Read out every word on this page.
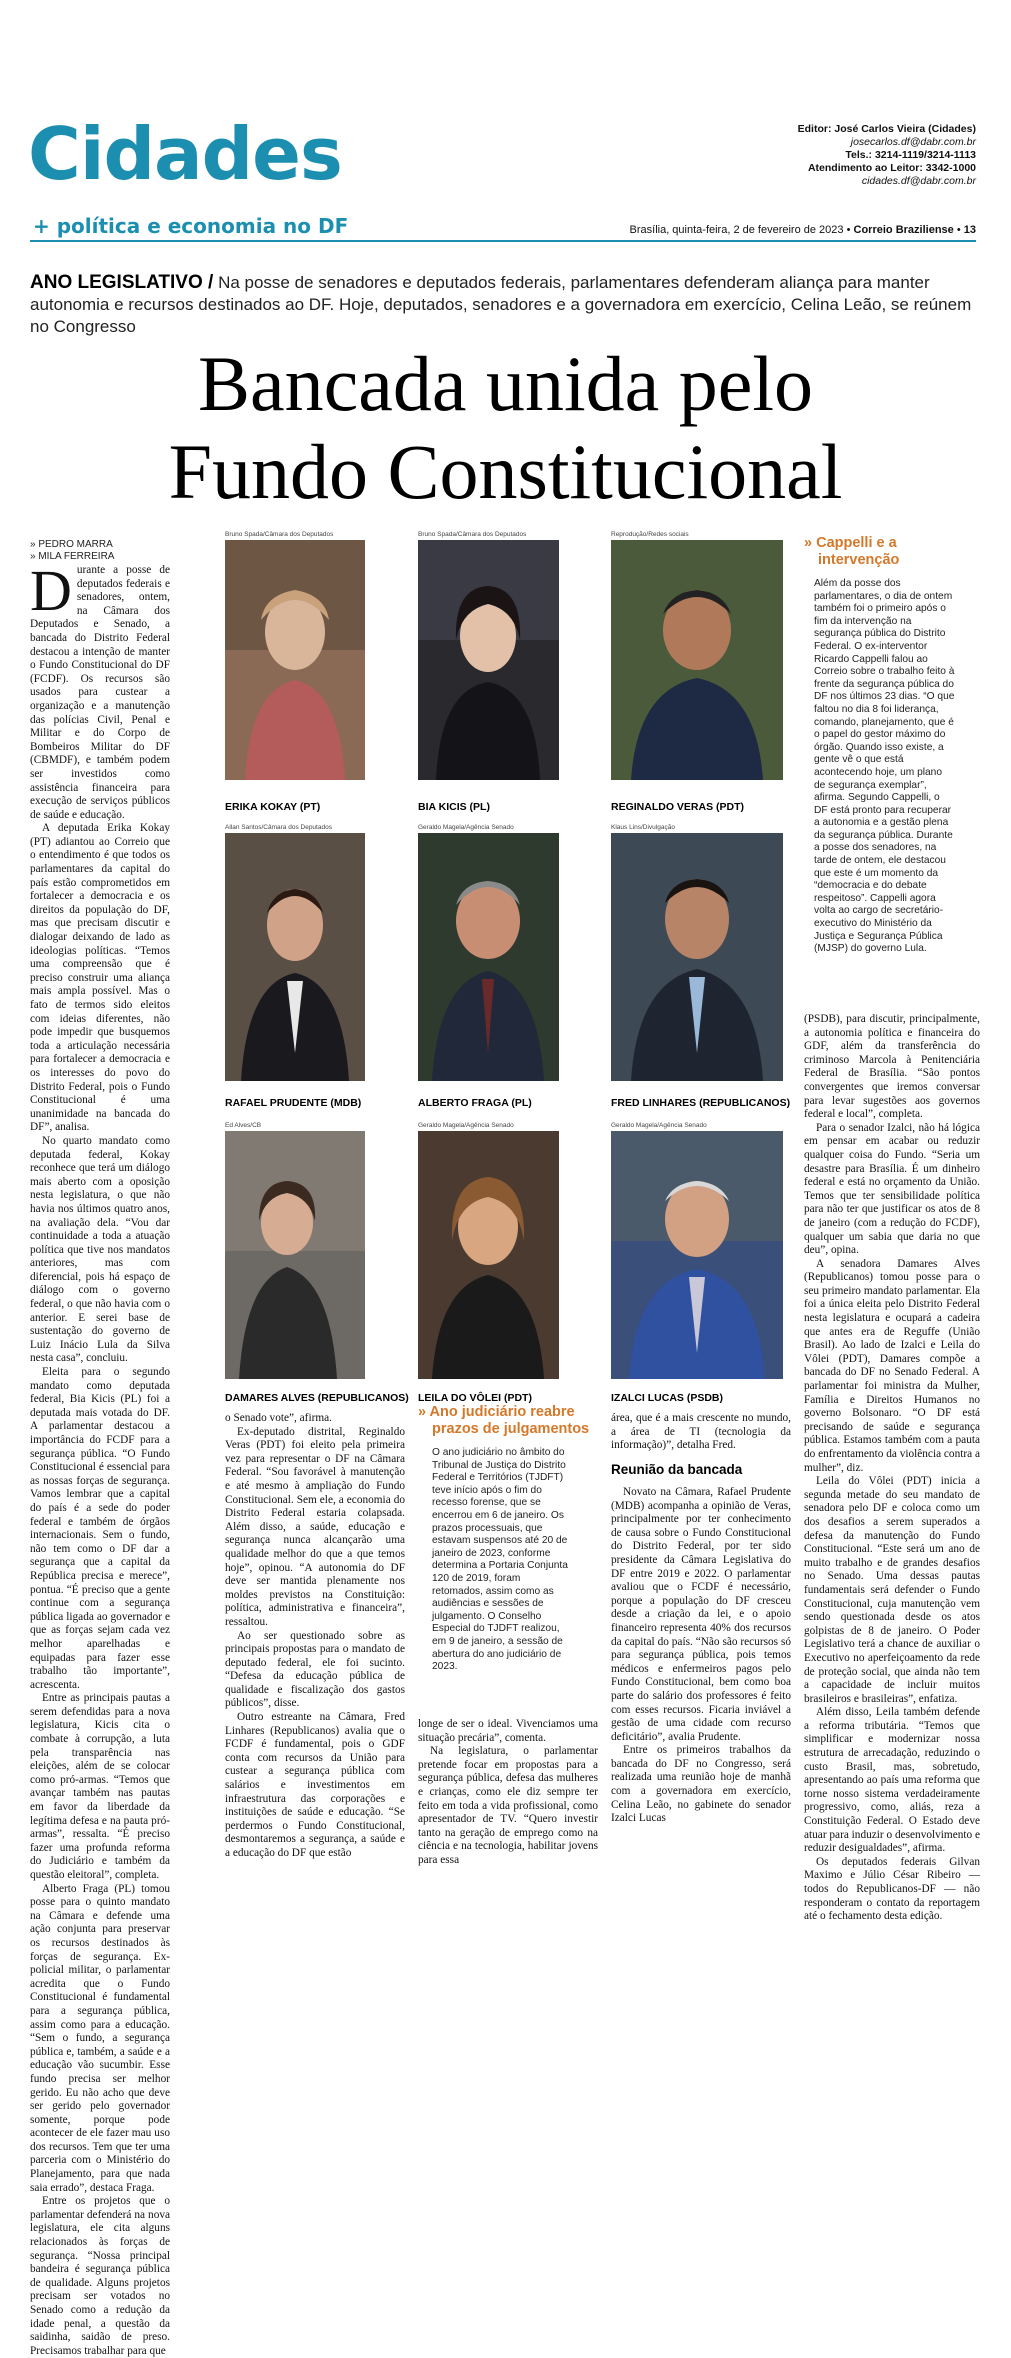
Cidades
+ política e economia no DF
Editor: José Carlos Vieira (Cidades)
josecarlos.df@dabr.com.br
Tels.: 3214-1119/3214-1113
Atendimento ao Leitor: 3342-1000
cidades.df@dabr.com.br
Brasília, quinta-feira, 2 de fevereiro de 2023 • Correio Braziliense • 13
ANO LEGISLATIVO / Na posse de senadores e deputados federais, parlamentares defenderam aliança para manter autonomia e recursos destinados ao DF. Hoje, deputados, senadores e a governadora em exercício, Celina Leão, se reúnem no Congresso
Bancada unida pelo
Fundo Constitucional
» PEDRO MARRA
» MILA FERREIRA

Durante a posse de deputados federais e senadores, ontem, na Câmara dos Deputados e Senado, a bancada do Distrito Federal destacou a intenção de manter o Fundo Constitucional do DF (FCDF). Os recursos são usados para custear a organização e a manutenção das polícias Civil, Penal e Militar e do Corpo de Bombeiros Militar do DF (CBMDF), e também podem ser investidos como assistência financeira para execução de serviços públicos de saúde e educação.

A deputada Erika Kokay (PT) adiantou ao Correio que o entendimento é que todos os parlamentares da capital do país estão comprometidos em fortalecer a democracia e os direitos da população do DF, mas que precisam discutir e dialogar deixando de lado as ideologias políticas. “Temos uma compreensão que é preciso construir uma aliança mais ampla possível. Mas o fato de termos sido eleitos com ideias diferentes, não pode impedir que busquemos toda a articulação necessária para fortalecer a democracia e os interesses do povo do Distrito Federal, pois o Fundo Constitucional é uma unanimidade na bancada do DF”, analisa.

No quarto mandato como deputada federal, Kokay reconhece que terá um diálogo mais aberto com a oposição nesta legislatura, o que não havia nos últimos quatro anos, na avaliação dela. “Vou dar continuidade a toda a atuação política que tive nos mandatos anteriores, mas com diferencial, pois há espaço de diálogo com o governo federal, o que não havia com o anterior. E serei base de sustentação do governo de Luiz Inácio Lula da Silva nesta casa”, concluiu.

Eleita para o segundo mandato como deputada federal, Bia Kicis (PL) foi a deputada mais votada do DF. A parlamentar destacou a importância do FCDF para a segurança pública. “O Fundo Constitucional é essencial para as nossas forças de segurança. Vamos lembrar que a capital do país é a sede do poder federal e também de órgãos internacionais. Sem o fundo, não tem como o DF dar a segurança que a capital da República precisa e merece”, pontua. “É preciso que a gente continue com a segurança pública ligada ao governador e que as forças sejam cada vez melhor aparelhadas e equipadas para fazer esse trabalho tão importante”, acrescenta.

Entre as principais pautas a serem defendidas para a nova legislatura, Kicis cita o combate à corrupção, a luta pela transparência nas eleições, além de se colocar como pró-armas. “Temos que avançar também nas pautas em favor da liberdade da legítima defesa e na pauta pró-armas”, ressalta. “É preciso fazer uma profunda reforma do Judiciário e também da questão eleitoral”, completa.

Alberto Fraga (PL) tomou posse para o quinto mandato na Câmara e defende uma ação conjunta para preservar os recursos destinados às forças de segurança. Ex-policial militar, o parlamentar acredita que o Fundo Constitucional é fundamental para a segurança pública, assim como para a educação. “Sem o fundo, a segurança pública e, também, a saúde e a educação vão sucumbir. Esse fundo precisa ser melhor gerido. Eu não acho que deve ser gerido pelo governador somente, porque pode acontecer de ele fazer mau uso dos recursos. Tem que ter uma parceria com o Ministério do Planejamento, para que nada saia errado”, destaca Fraga.

Entre os projetos que o parlamentar defenderá na nova legislatura, ele cita alguns relacionados às forças de segurança. “Nossa principal bandeira é segurança pública de qualidade. Alguns projetos precisam ser votados no Senado como a redução da idade penal, a questão da saidinha, saidão de preso. Precisamos trabalhar para que

Bruno Spada/Câmara dos Deputados
ERIKA KOKAY (PT)
Bruno Spada/Câmara dos Deputados
BIA KICIS (PL)
Reprodução/Redes sociais
REGINALDO VERAS (PDT)
Allan Santos/Câmara dos Deputados
RAFAEL PRUDENTE (MDB)
Geraldo Magela/Agência Senado
ALBERTO FRAGA (PL)
Klaus Lins/Divulgação
FRED LINHARES (REPUBLICANOS)
Ed Alves/CB
DAMARES ALVES (REPUBLICANOS)
Geraldo Magela/Agência Senado
LEILA DO VÔLEI (PDT)
Geraldo Magela/Agência Senado
IZALCI LUCAS (PSDB)
» Cappelli e a
intervenção
Além da posse dos parlamentares, o dia de ontem também foi o primeiro após o fim da intervenção na segurança pública do Distrito Federal. O ex-interventor Ricardo Cappelli falou ao Correio sobre o trabalho feito à frente da segurança pública do DF nos últimos 23 dias. “O que faltou no dia 8 foi liderança, comando, planejamento, que é o papel do gestor máximo do órgão. Quando isso existe, a gente vê o que está acontecendo hoje, um plano de segurança exemplar”, afirma. Segundo Cappelli, o DF está pronto para recuperar a autonomia e a gestão plena da segurança pública. Durante a posse dos senadores, na tarde de ontem, ele destacou que este é um momento da “democracia e do debate respeitoso”. Cappelli agora volta ao cargo de secretário-executivo do Ministério da Justiça e Segurança Pública (MJSP) do governo Lula.

o Senado vote”, afirma.

Ex-deputado distrital, Reginaldo Veras (PDT) foi eleito pela primeira vez para representar o DF na Câmara Federal. “Sou favorável à manutenção e até mesmo à ampliação do Fundo Constitucional. Sem ele, a economia do Distrito Federal estaria colapsada. Além disso, a saúde, educação e segurança nunca alcançarão uma qualidade melhor do que a que temos hoje”, opinou. “A autonomia do DF deve ser mantida plenamente nos moldes previstos na Constituição: política, administrativa e financeira”, ressaltou.

Ao ser questionado sobre as principais propostas para o mandato de deputado federal, ele foi sucinto. “Defesa da educação pública de qualidade e fiscalização dos gastos públicos”, disse.

Outro estreante na Câmara, Fred Linhares (Republicanos) avalia que o FCDF é fundamental, pois o GDF conta com recursos da União para custear a segurança pública com salários e investimentos em infraestrutura das corporações e instituições de saúde e educação. “Se perdermos o Fundo Constitucional, desmontaremos a segurança, a saúde e a educação do DF que estão

» Ano judiciário reabre
prazos de julgamentos
O ano judiciário no âmbito do Tribunal de Justiça do Distrito Federal e Territórios (TJDFT) teve início após o fim do recesso forense, que se encerrou em 6 de janeiro. Os prazos processuais, que estavam suspensos até 20 de janeiro de 2023, conforme determina a Portaria Conjunta 120 de 2019, foram retomados, assim como as audiências e sessões de julgamento. O Conselho Especial do TJDFT realizou, em 9 de janeiro, a sessão de abertura do ano judiciário de 2023.

longe de ser o ideal. Vivenciamos uma situação precária”, comenta.

Na legislatura, o parlamentar pretende focar em propostas para a segurança pública, defesa das mulheres e crianças, como ele diz sempre ter feito em toda a vida profissional, como apresentador de TV. “Quero investir tanto na geração de emprego como na ciência e na tecnologia, habilitar jovens para essa

área, que é a mais crescente no mundo, a área de TI (tecnologia da informação)”, detalha Fred.

Reunião da bancada

Novato na Câmara, Rafael Prudente (MDB) acompanha a opinião de Veras, principalmente por ter conhecimento de causa sobre o Fundo Constitucional do Distrito Federal, por ter sido presidente da Câmara Legislativa do DF entre 2019 e 2022. O parlamentar avaliou que o FCDF é necessário, porque a população do DF cresceu desde a criação da lei, e o apoio financeiro representa 40% dos recursos da capital do país. “Não são recursos só para segurança pública, pois temos médicos e enfermeiros pagos pelo Fundo Constitucional, bem como boa parte do salário dos professores é feito com esses recursos. Ficaria inviável a gestão de uma cidade com recurso deficitário”, avalia Prudente.

Entre os primeiros trabalhos da bancada do DF no Congresso, será realizada uma reunião hoje de manhã com a governadora em exercício, Celina Leão, no gabinete do senador Izalci Lucas

(PSDB), para discutir, principalmente, a autonomia política e financeira do GDF, além da transferência do criminoso Marcola à Penitenciária Federal de Brasília. “São pontos convergentes que iremos conversar para levar sugestões aos governos federal e local”, completa.

Para o senador Izalci, não há lógica em pensar em acabar ou reduzir qualquer coisa do Fundo. “Seria um desastre para Brasília. É um dinheiro federal e está no orçamento da União. Temos que ter sensibilidade política para não ter que justificar os atos de 8 de janeiro (com a redução do FCDF), qualquer um sabia que daria no que deu”, opina.

A senadora Damares Alves (Republicanos) tomou posse para o seu primeiro mandato parlamentar. Ela foi a única eleita pelo Distrito Federal nesta legislatura e ocupará a cadeira que antes era de Reguffe (União Brasil). Ao lado de Izalci e Leila do Vôlei (PDT), Damares compõe a bancada do DF no Senado Federal. A parlamentar foi ministra da Mulher, Família e Direitos Humanos no governo Bolsonaro. “O DF está precisando de saúde e segurança pública. Estamos também com a pauta do enfrentamento da violência contra a mulher”, diz.

Leila do Vôlei (PDT) inicia a segunda metade do seu mandato de senadora pelo DF e coloca como um dos desafios a serem superados a defesa da manutenção do Fundo Constitucional. “Este será um ano de muito trabalho e de grandes desafios no Senado. Uma dessas pautas fundamentais será defender o Fundo Constitucional, cuja manutenção vem sendo questionada desde os atos golpistas de 8 de janeiro. O Poder Legislativo terá a chance de auxiliar o Executivo no aperfeiçoamento da rede de proteção social, que ainda não tem a capacidade de incluir muitos brasileiros e brasileiras”, enfatiza.

Além disso, Leila também defende a reforma tributária. “Temos que simplificar e modernizar nossa estrutura de arrecadação, reduzindo o custo Brasil, mas, sobretudo, apresentando ao país uma reforma que torne nosso sistema verdadeiramente progressivo, como, aliás, reza a Constituição Federal. O Estado deve atuar para induzir o desenvolvimento e reduzir desigualdades”, afirma.

Os deputados federais Gilvan Maximo e Júlio César Ribeiro — todos do Republicanos-DF — não responderam o contato da reportagem até o fechamento desta edição.
